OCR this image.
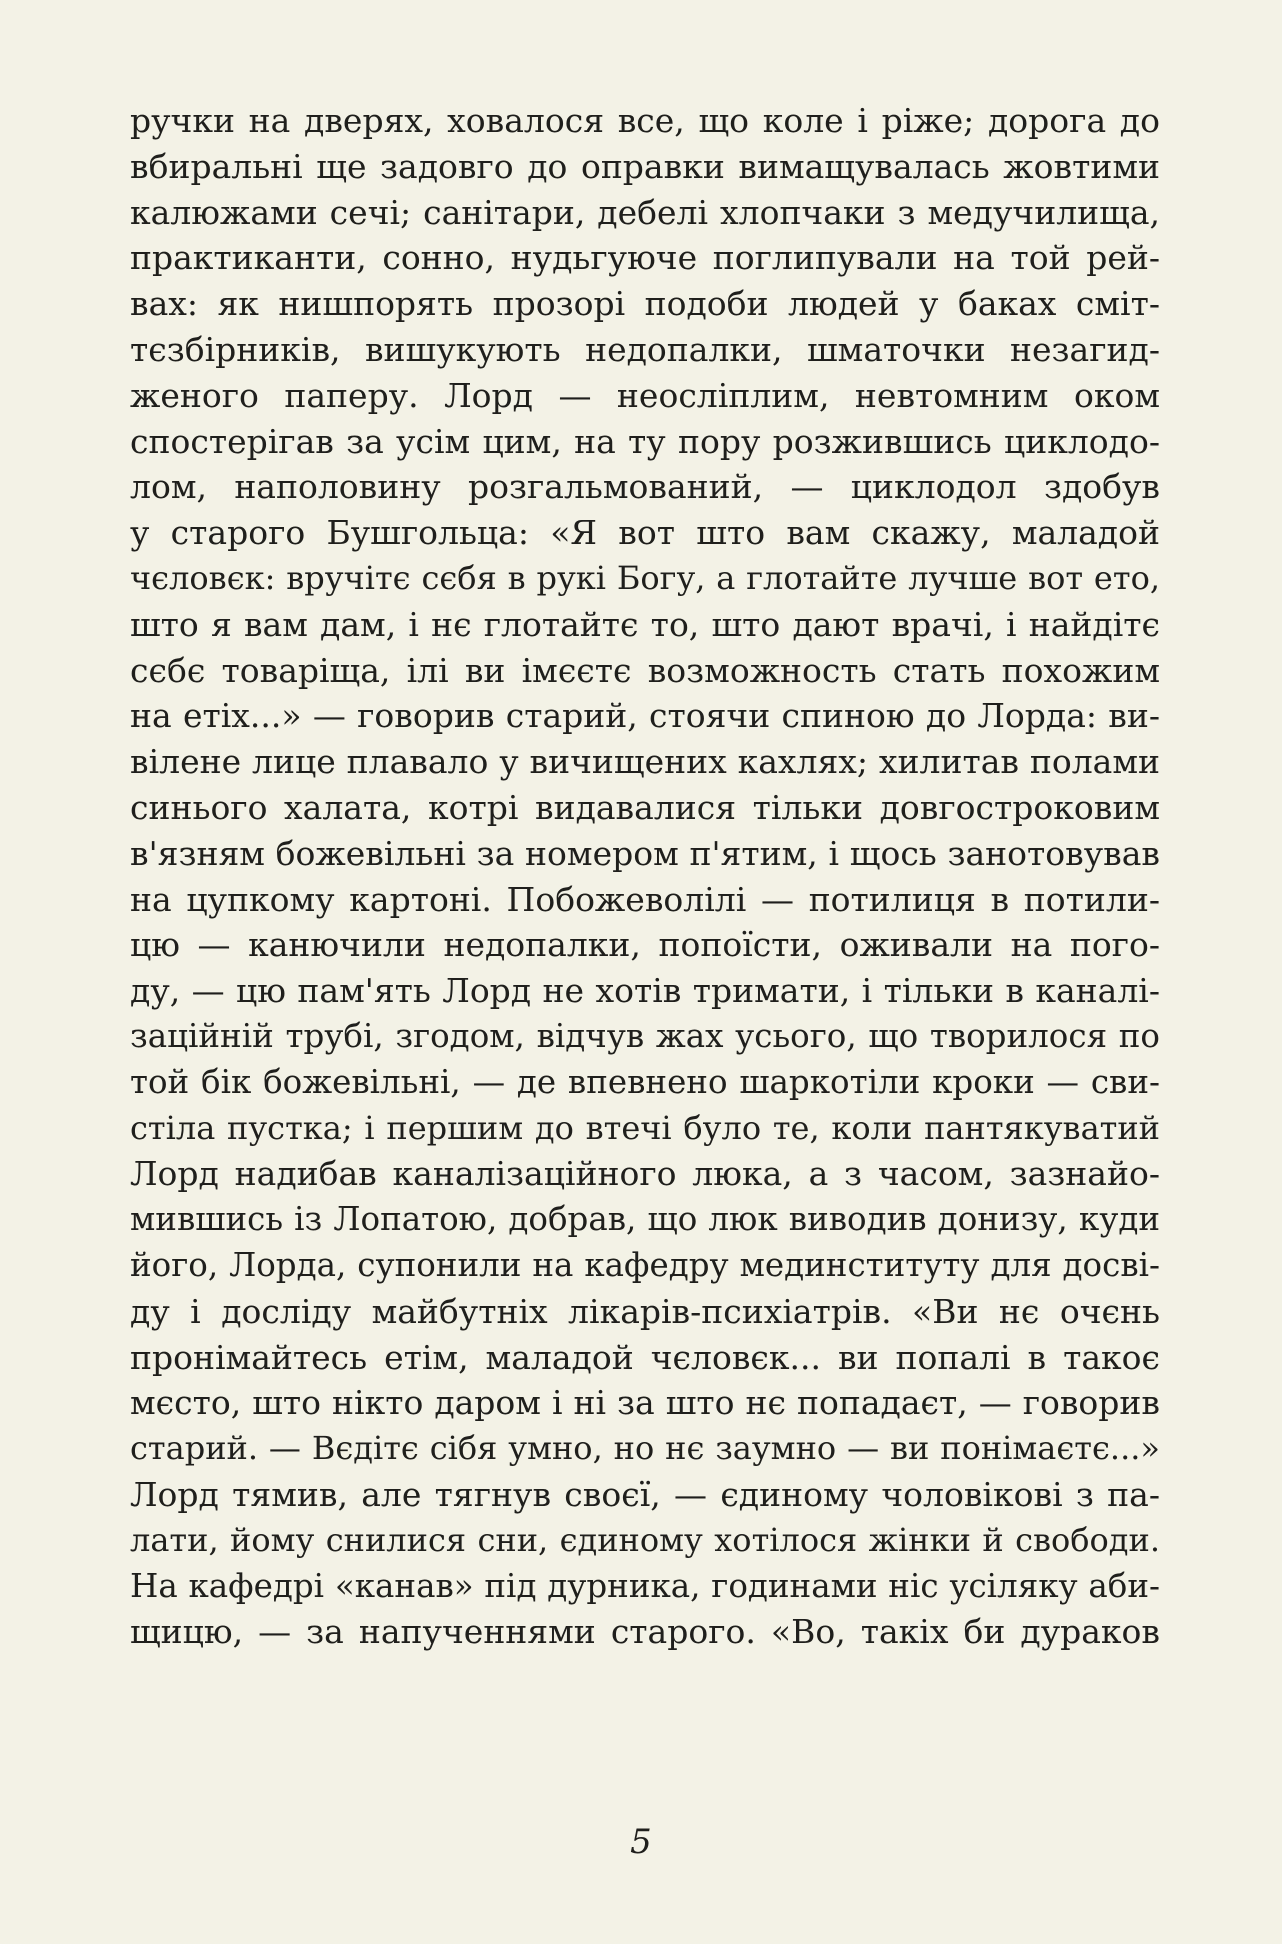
ручки на дверях, ховалося все, що коле і ріже; дорога до
вбиральні ще задовго до оправки вимащувалась жовтими
калюжами сечі; санітари, дебелі хлопчаки з медучилища,
практиканти, сонно, нудьгуюче поглипували на той рей-
вах: як нишпорять прозорі подоби людей у баках сміт-
тєзбірників, вишукують недопалки, шматочки незагид-
женого паперу. Лорд — неосліплим, невтомним оком
спостерігав за усім цим, на ту пору розжившись циклодо-
лом, наполовину розгальмований, — циклодол здобув
у старого Бушгольца: «Я вот што вам скажу, маладой
чєловєк: вручітє сєбя в рукі Богу, а глотайте лучше вот ето,
што я вам дам, і нє глотайтє то, што дают врачі, і найдітє
сєбє товаріща, ілі ви імєєтє возможность стать похожим
на етіх...» — говорив старий, стоячи спиною до Лорда: ви-
вілене лице плавало у вичищених кахлях; хилитав полами
синього халата, котрі видавалися тільки довгостроковим
в'язням божевільні за номером п'ятим, і щось занотовував
на цупкому картоні. Побожеволілі — потилиця в потили-
цю — канючили недопалки, попоїсти, оживали на пого-
ду, — цю пам'ять Лорд не хотів тримати, і тільки в каналі-
заційній трубі, згодом, відчув жах усього, що творилося по
той бік божевільні, — де впевнено шаркотіли кроки — сви-
стіла пустка; і першим до втечі було те, коли пантякуватий
Лорд надибав каналізаційного люка, а з часом, зазнайо-
мившись із Лопатою, добрав, що люк виводив донизу, куди
його, Лорда, супонили на кафедру мединституту для досві-
ду і досліду майбутніх лікарів-психіатрів. «Ви нє очєнь
пронімайтесь етім, маладой чєловєк... ви попалі в такоє
мєсто, што нікто даром і ні за што нє попадаєт, — говорив
старий. — Вєдітє сібя умно, но нє заумно — ви понімаєтє...»
Лорд тямив, але тягнув своєї, — єдиному чоловікові з па-
лати, йому снилися сни, єдиному хотілося жінки й свободи.
На кафедрі «канав» під дурника, годинами ніс усіляку аби-
щицю, — за напученнями старого. «Во, такіх би дураков
5
